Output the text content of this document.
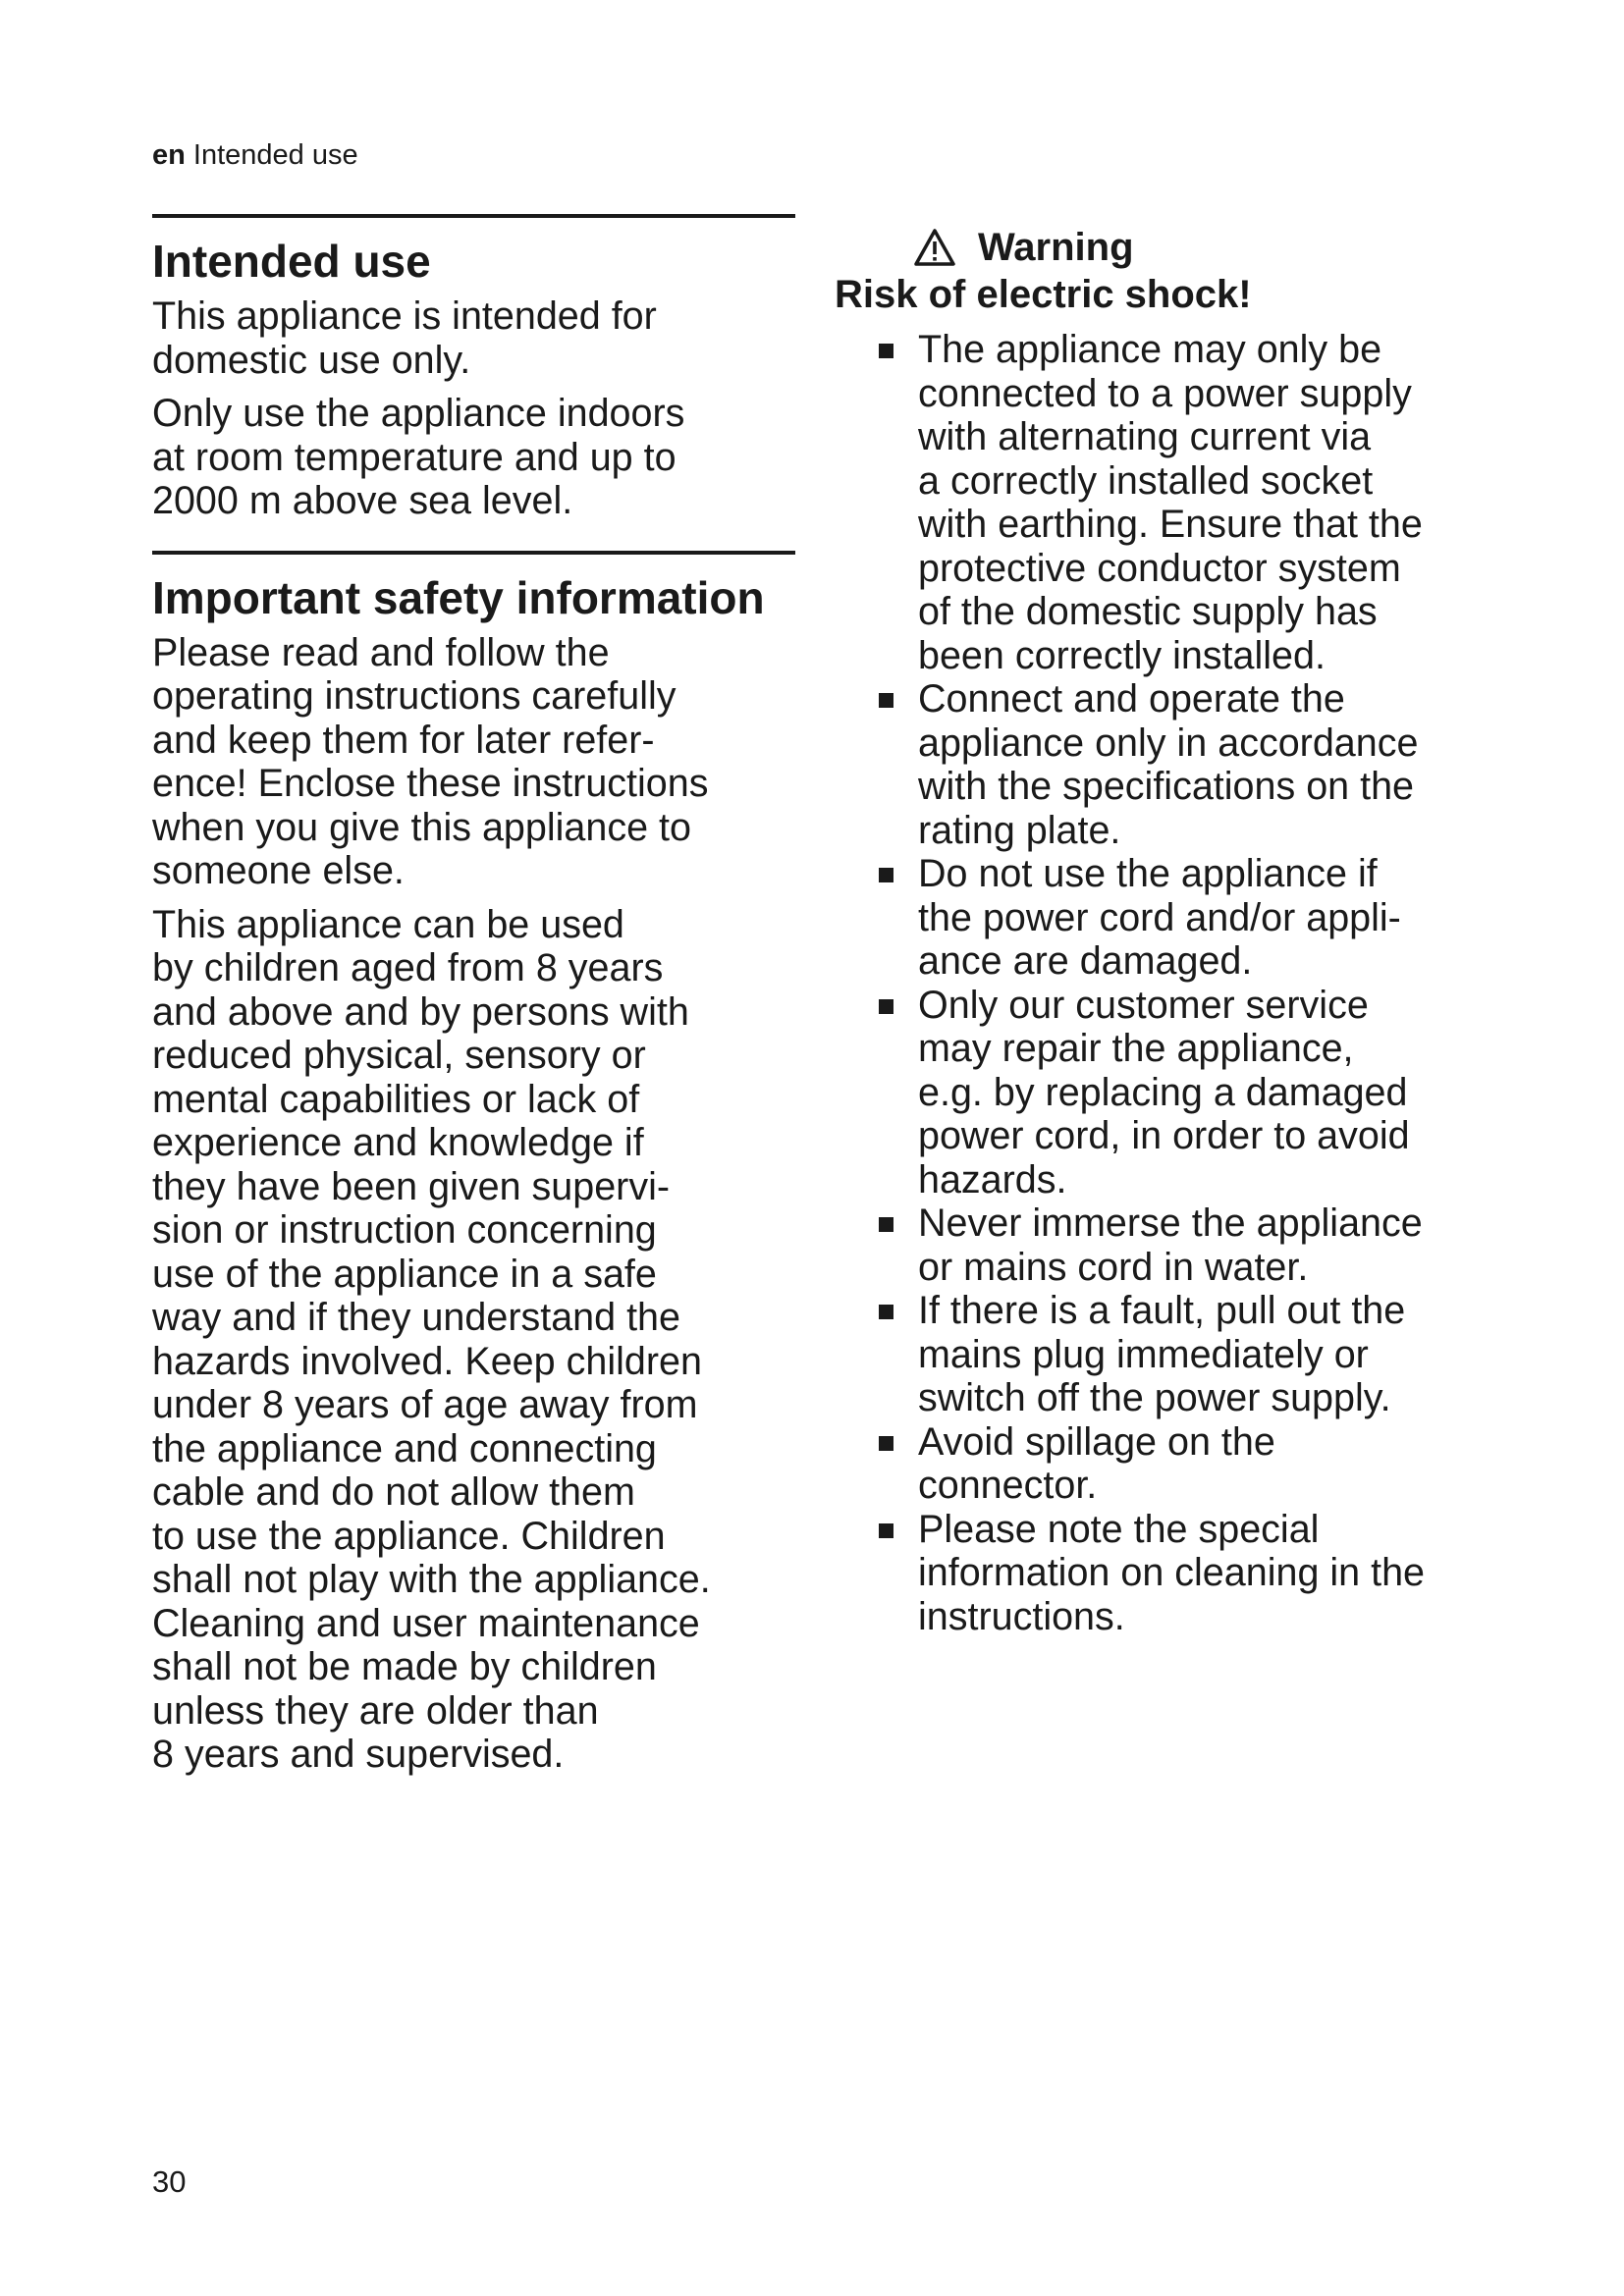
en Intended use
Intended use

This appliance is intended for
domestic use only.

Only use the appliance indoors
at room temperature and up to
2000 m above sea level.

Important safety information

Please read and follow the
operating instructions carefully
and keep them for later refer-
ence! Enclose these instructions
when you give this appliance to
someone else.

This appliance can be used
by children aged from 8 years
and above and by persons with
reduced physical, sensory or
mental capabilities or lack of
experience and knowledge if
they have been given supervi-
sion or instruction concerning
use of the appliance in a safe
way and if they understand the
hazards involved. Keep children
under 8 years of age away from
the appliance and connecting
cable and do not allow them
to use the appliance. Children
shall not play with the appliance.
Cleaning and user maintenance
shall not be made by children
unless they are older than
8 years and supervised.

Warning
Risk of electric shock!
The appliance may only be
connected to a power supply
with alternating current via
a correctly installed socket
with earthing. Ensure that the
protective conductor system
of the domestic supply has
been correctly installed.
Connect and operate the
appliance only in accordance
with the specifications on the
rating plate.
Do not use the appliance if
the power cord and/or appli-
ance are damaged.
Only our customer service
may repair the appliance,
e.g. by replacing a damaged
power cord, in order to avoid
hazards.
Never immerse the appliance
or mains cord in water.
If there is a fault, pull out the
mains plug immediately or
switch off the power supply.
Avoid spillage on the
connector.
Please note the special
information on cleaning in the
instructions.
30
